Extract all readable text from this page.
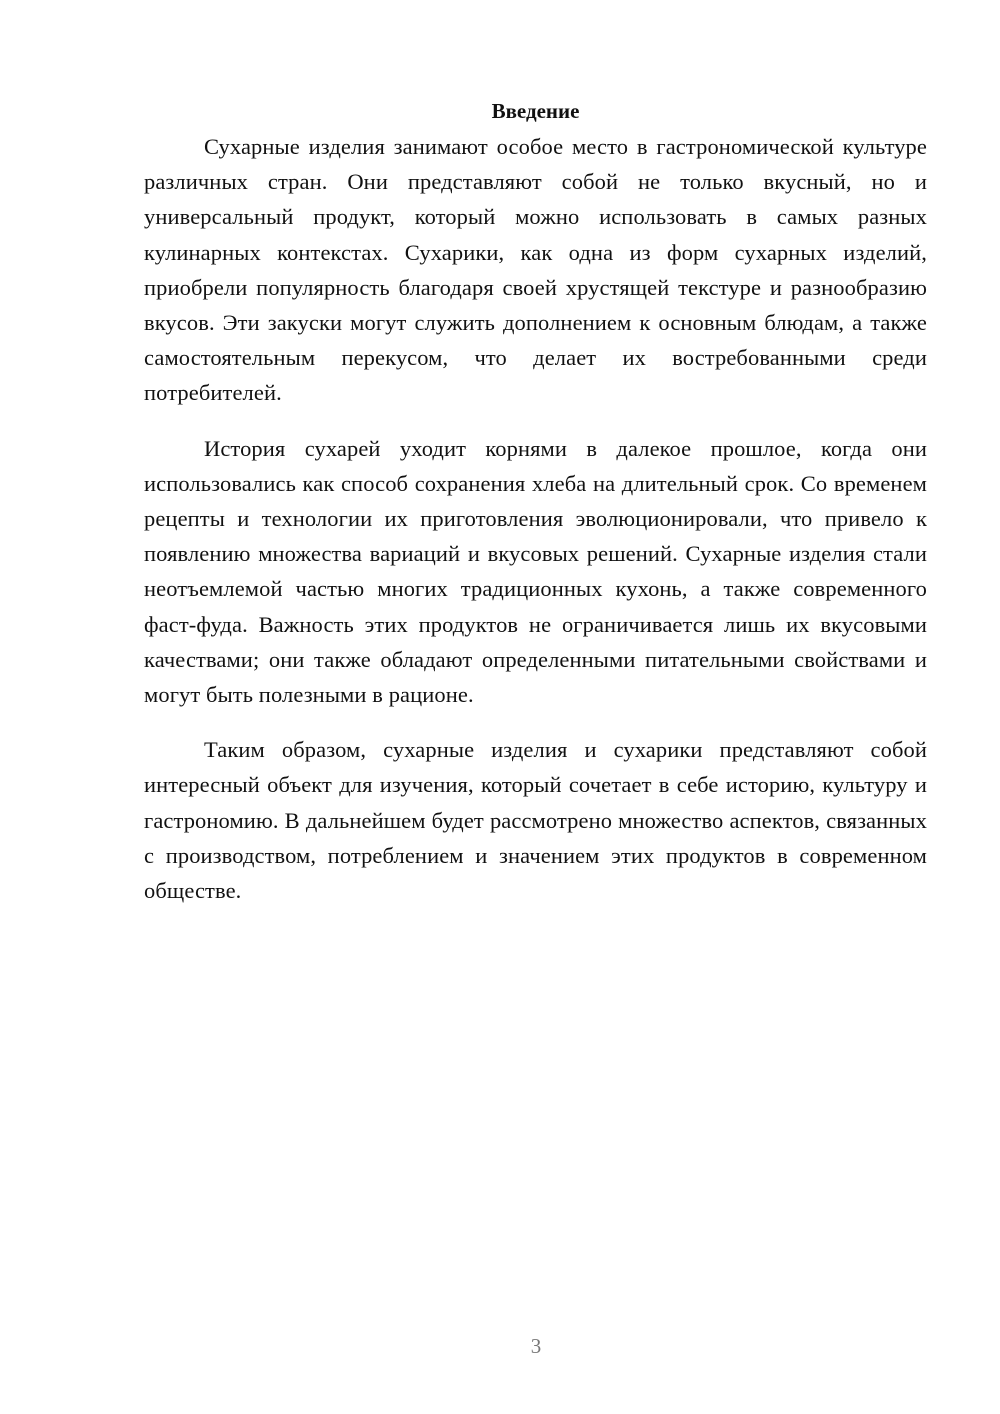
Введение

Сухарные изделия занимают особое место в гастрономической культуре различных стран. Они представляют собой не только вкусный, но и универсальный продукт, который можно использовать в самых разных кулинарных контекстах. Сухарики, как одна из форм сухарных изделий, приобрели популярность благодаря своей хрустящей текстуре и разнообразию вкусов. Эти закуски могут служить дополнением к основным блюдам, а также самостоятельным перекусом, что делает их востребованными среди потребителей.

История сухарей уходит корнями в далекое прошлое, когда они использовались как способ сохранения хлеба на длительный срок. Со временем рецепты и технологии их приготовления эволюционировали, что привело к появлению множества вариаций и вкусовых решений. Сухарные изделия стали неотъемлемой частью многих традиционных кухонь, а также современного фаст-фуда. Важность этих продуктов не ограничивается лишь их вкусовыми качествами; они также обладают определенными питательными свойствами и могут быть полезными в рационе.

Таким образом, сухарные изделия и сухарики представляют собой интересный объект для изучения, который сочетает в себе историю, культуру и гастрономию. В дальнейшем будет рассмотрено множество аспектов, связанных с производством, потреблением и значением этих продуктов в современном обществе.

3
